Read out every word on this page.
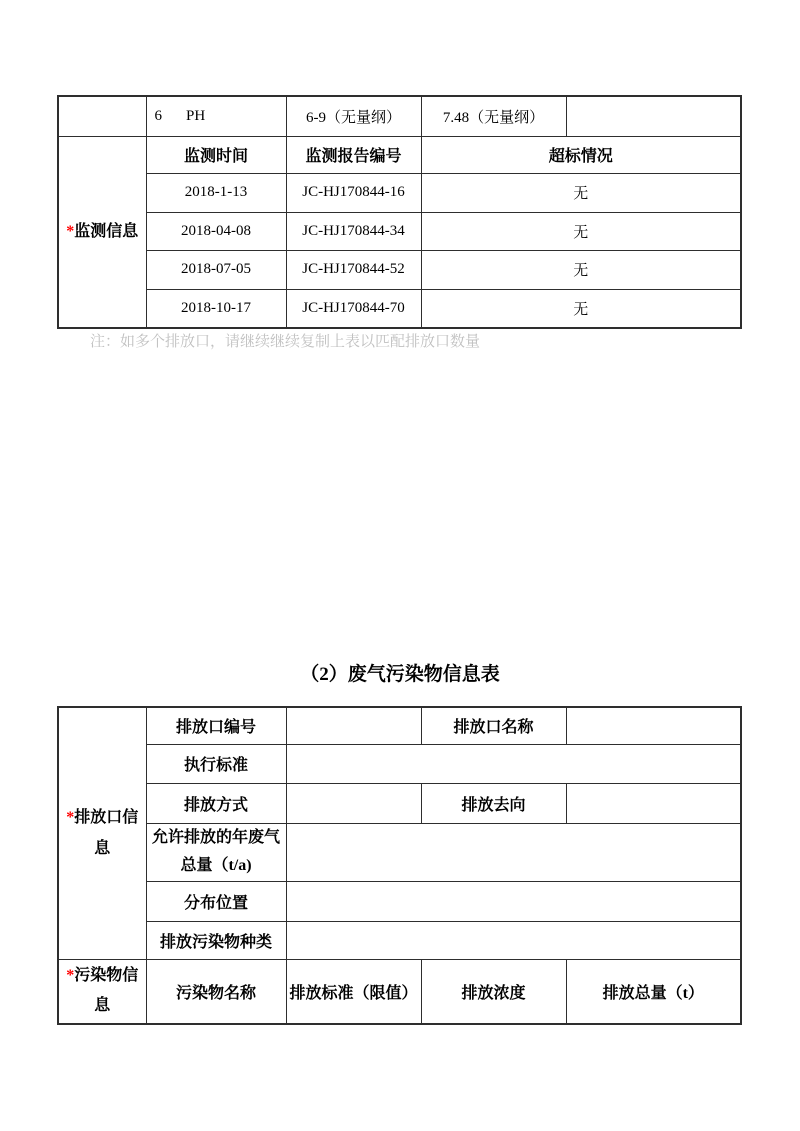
	6 PH	6-9（无量纲）	7.48（无量纲）	
*监测信息	监测时间	监测报告编号	超标情况	
	2018-1-13	JC-HJ170844-16	无	
	2018-04-08	JC-HJ170844-34	无	
	2018-07-05	JC-HJ170844-52	无	
	2018-10-17	JC-HJ170844-70	无	
注：如多个排放口，请继续继续复制上表以匹配排放口数量
（2）废气污染物信息表
*排放口信息	排放口编号		排放口名称	
	执行标准			
	排放方式		排放去向	
	允许排放的年废气总量（t/a)			
	分布位置			
	排放污染物种类			
*污染物信息	污染物名称	排放标准（限值）	排放浓度	排放总量（t）
